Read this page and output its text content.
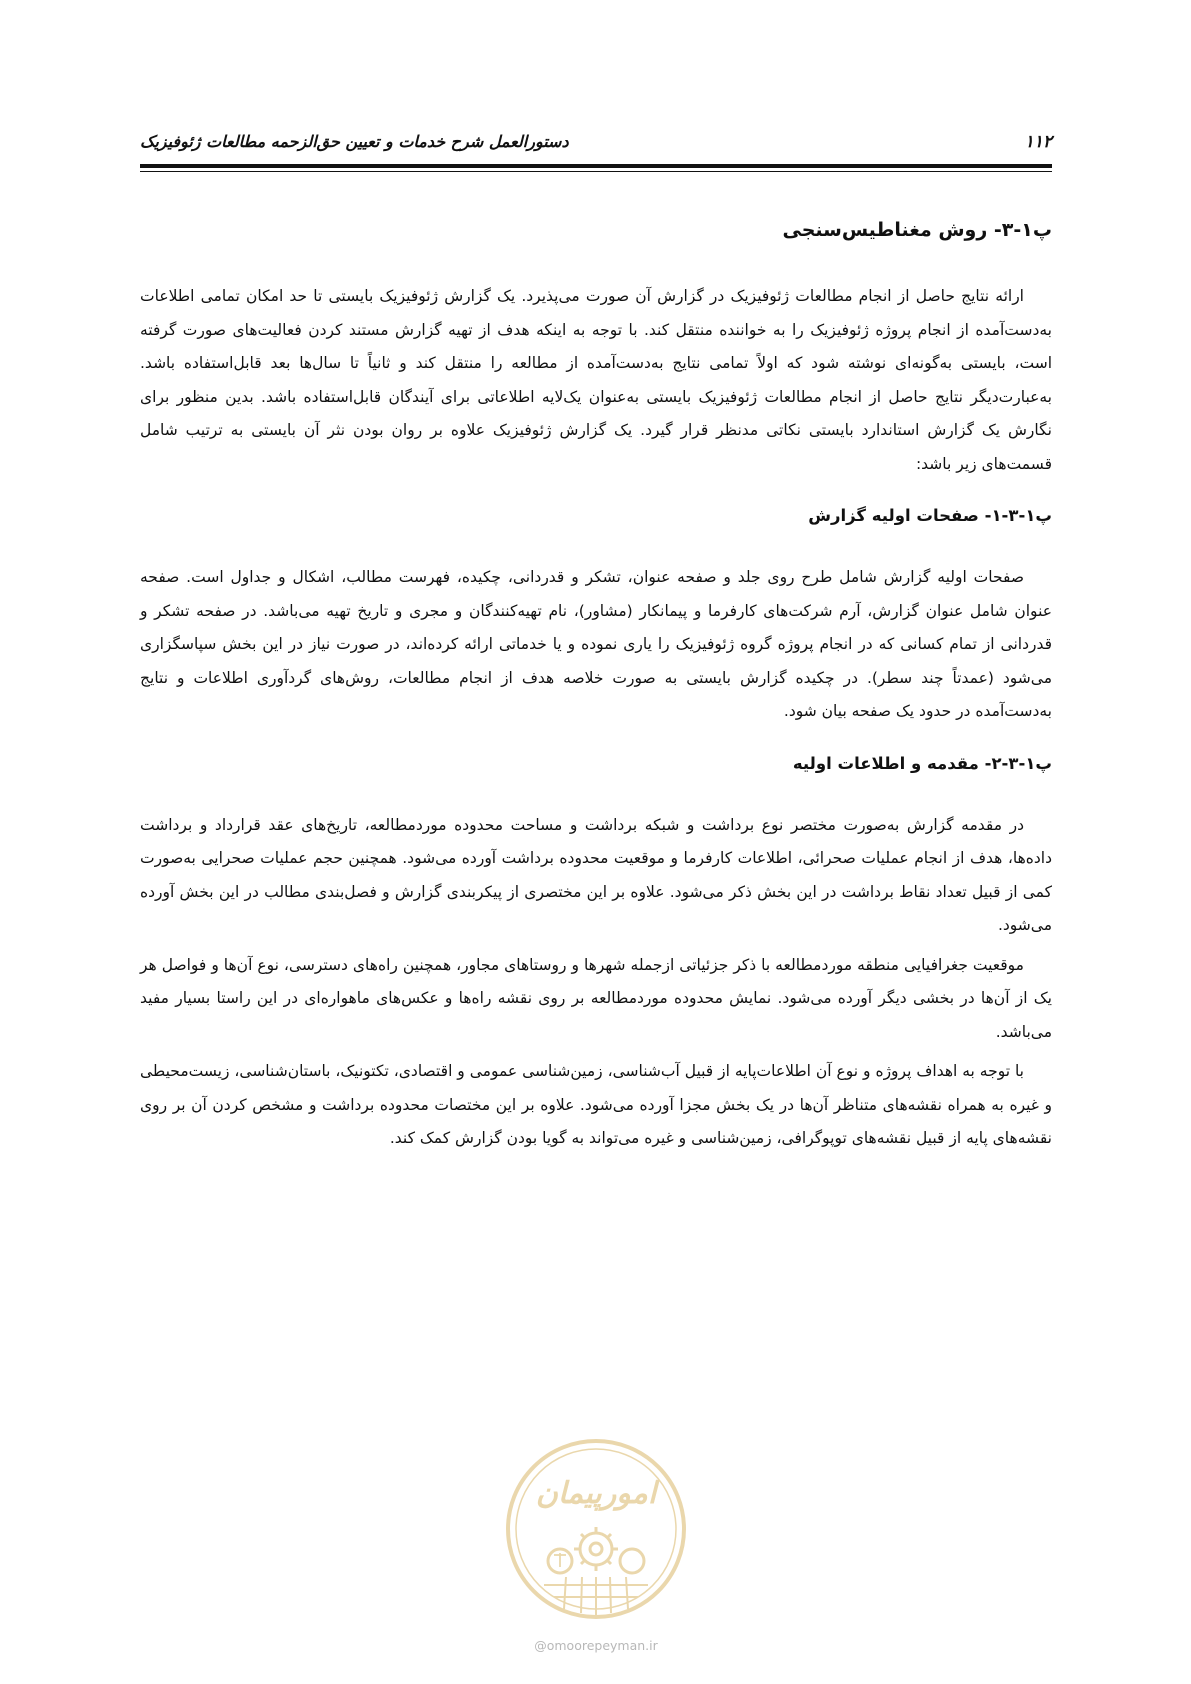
۱۱۲
دستورالعمل شرح خدمات و تعیین حق‌الزحمه مطالعات ژئوفیزیک
پ۱-۳- روش مغناطیس‌سنجی

ارائه نتایج حاصل از انجام مطالعات ژئوفیزیک در گزارش آن صورت می‌پذیرد. یک گزارش ژئوفیزیک بایستی تا حد امکان تمامی اطلاعات به‌دست‌آمده از انجام پروژه ژئوفیزیک را به خواننده منتقل کند. با توجه به اینکه هدف از تهیه گزارش مستند کردن فعالیت‌های صورت گرفته است، بایستی به‌گونه‌ای نوشته شود که اولاً تمامی نتایج به‌دست‌آمده از مطالعه را منتقل کند و ثانیاً تا سال‌ها بعد قابل‌استفاده باشد. به‌عبارت‌دیگر نتایج حاصل از انجام مطالعات ژئوفیزیک بایستی به‌عنوان یک‌لایه اطلاعاتی برای آیندگان قابل‌استفاده باشد. بدین منظور برای نگارش یک گزارش استاندارد بایستی نکاتی مدنظر قرار گیرد. یک گزارش ژئوفیزیک علاوه بر روان بودن نثر آن بایستی به ترتیب شامل قسمت‌های زیر باشد:

پ۱-۳-۱- صفحات اولیه گزارش

صفحات اولیه گزارش شامل طرح روی جلد و صفحه عنوان، تشکر و قدردانی، چکیده، فهرست مطالب، اشکال و جداول است. صفحه عنوان شامل عنوان گزارش، آرم شرکت‌های کارفرما و پیمانکار (مشاور)، نام تهیه‌کنندگان و مجری و تاریخ تهیه می‌باشد. در صفحه تشکر و قدردانی از تمام کسانی که در انجام پروژه گروه ژئوفیزیک را یاری نموده و یا خدماتی ارائه کرده‌اند، در صورت نیاز در این بخش سپاسگزاری می‌شود (عمدتاً چند سطر). در چکیده گزارش بایستی به صورت خلاصه هدف از انجام مطالعات، روش‌های گردآوری اطلاعات و نتایج به‌دست‌آمده در حدود یک صفحه بیان شود.

پ۱-۳-۲- مقدمه و اطلاعات اولیه

در مقدمه گزارش به‌صورت مختصر نوع برداشت و شبکه برداشت و مساحت محدوده موردمطالعه، تاریخ‌های عقد قرارداد و برداشت داده‌ها، هدف از انجام عملیات صحرائی، اطلاعات کارفرما و موقعیت محدوده برداشت آورده می‌شود. همچنین حجم عملیات صحرایی به‌صورت کمی از قبیل تعداد نقاط برداشت در این بخش ذکر می‌شود. علاوه بر این مختصری از پیکربندی گزارش و فصل‌بندی مطالب در این بخش آورده می‌شود.

موقعیت جغرافیایی منطقه موردمطالعه با ذکر جزئیاتی ازجمله شهرها و روستاهای مجاور، همچنین راه‌های دسترسی، نوع آن‌ها و فواصل هر یک از آن‌ها در بخشی دیگر آورده می‌شود. نمایش محدوده موردمطالعه بر روی نقشه راه‌ها و عکس‌های ماهواره‌ای در این راستا بسیار مفید می‌باشد.

با توجه به اهداف پروژه و نوع آن اطلاعات‌پایه از قبیل آب‌شناسی، زمین‌شناسی عمومی و اقتصادی، تکتونیک، باستان‌شناسی، زیست‌محیطی و غیره به همراه نقشه‌های متناظر آن‌ها در یک بخش مجزا آورده می‌شود. علاوه بر این مختصات محدوده برداشت و مشخص کردن آن بر روی نقشه‌های پایه از قبیل نقشه‌های توپوگرافی، زمین‌شناسی و غیره می‌تواند به گویا بودن گزارش کمک کند.

امورپیمان
@omoorepeyman.ir
